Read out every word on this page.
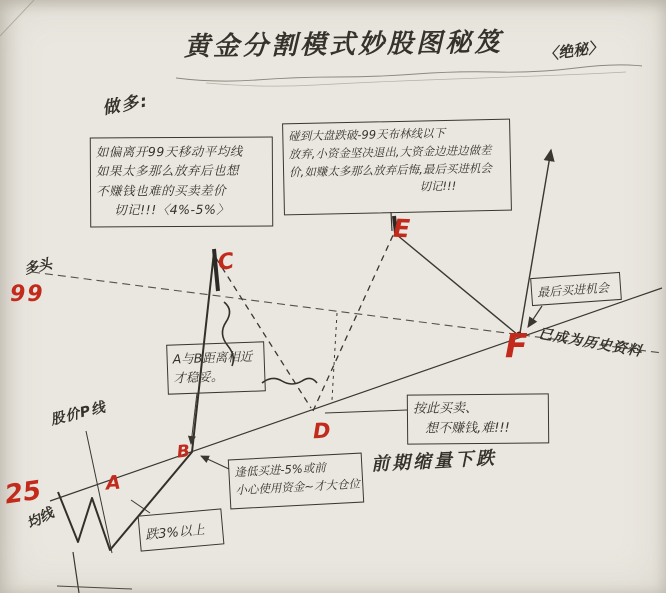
黄金分割模式妙股图秘笈	〈绝秘〉
做多:
如偏离开99天移动平均线
如果太多那么放弃后也想
不赚钱也难的买卖差价
切记!!!〈4%-5%〉
碰到大盘跌破-99天布林线以下
放弃,小资金坚决退出,大资金边进边做差
价,如赚太多那么放弃后悔,最后买进机会
切记!!!
多头
99
A与B距离相近
才稳妥。
股价P线
25
均线
逢低买进-5%或前
小心使用资金~才大仓位
跌3%以上
最后买进机会
已成为历史资料
按此买卖、
想不赚钱,难!!!
前期缩量下跌
A
B
C
D
E
F
